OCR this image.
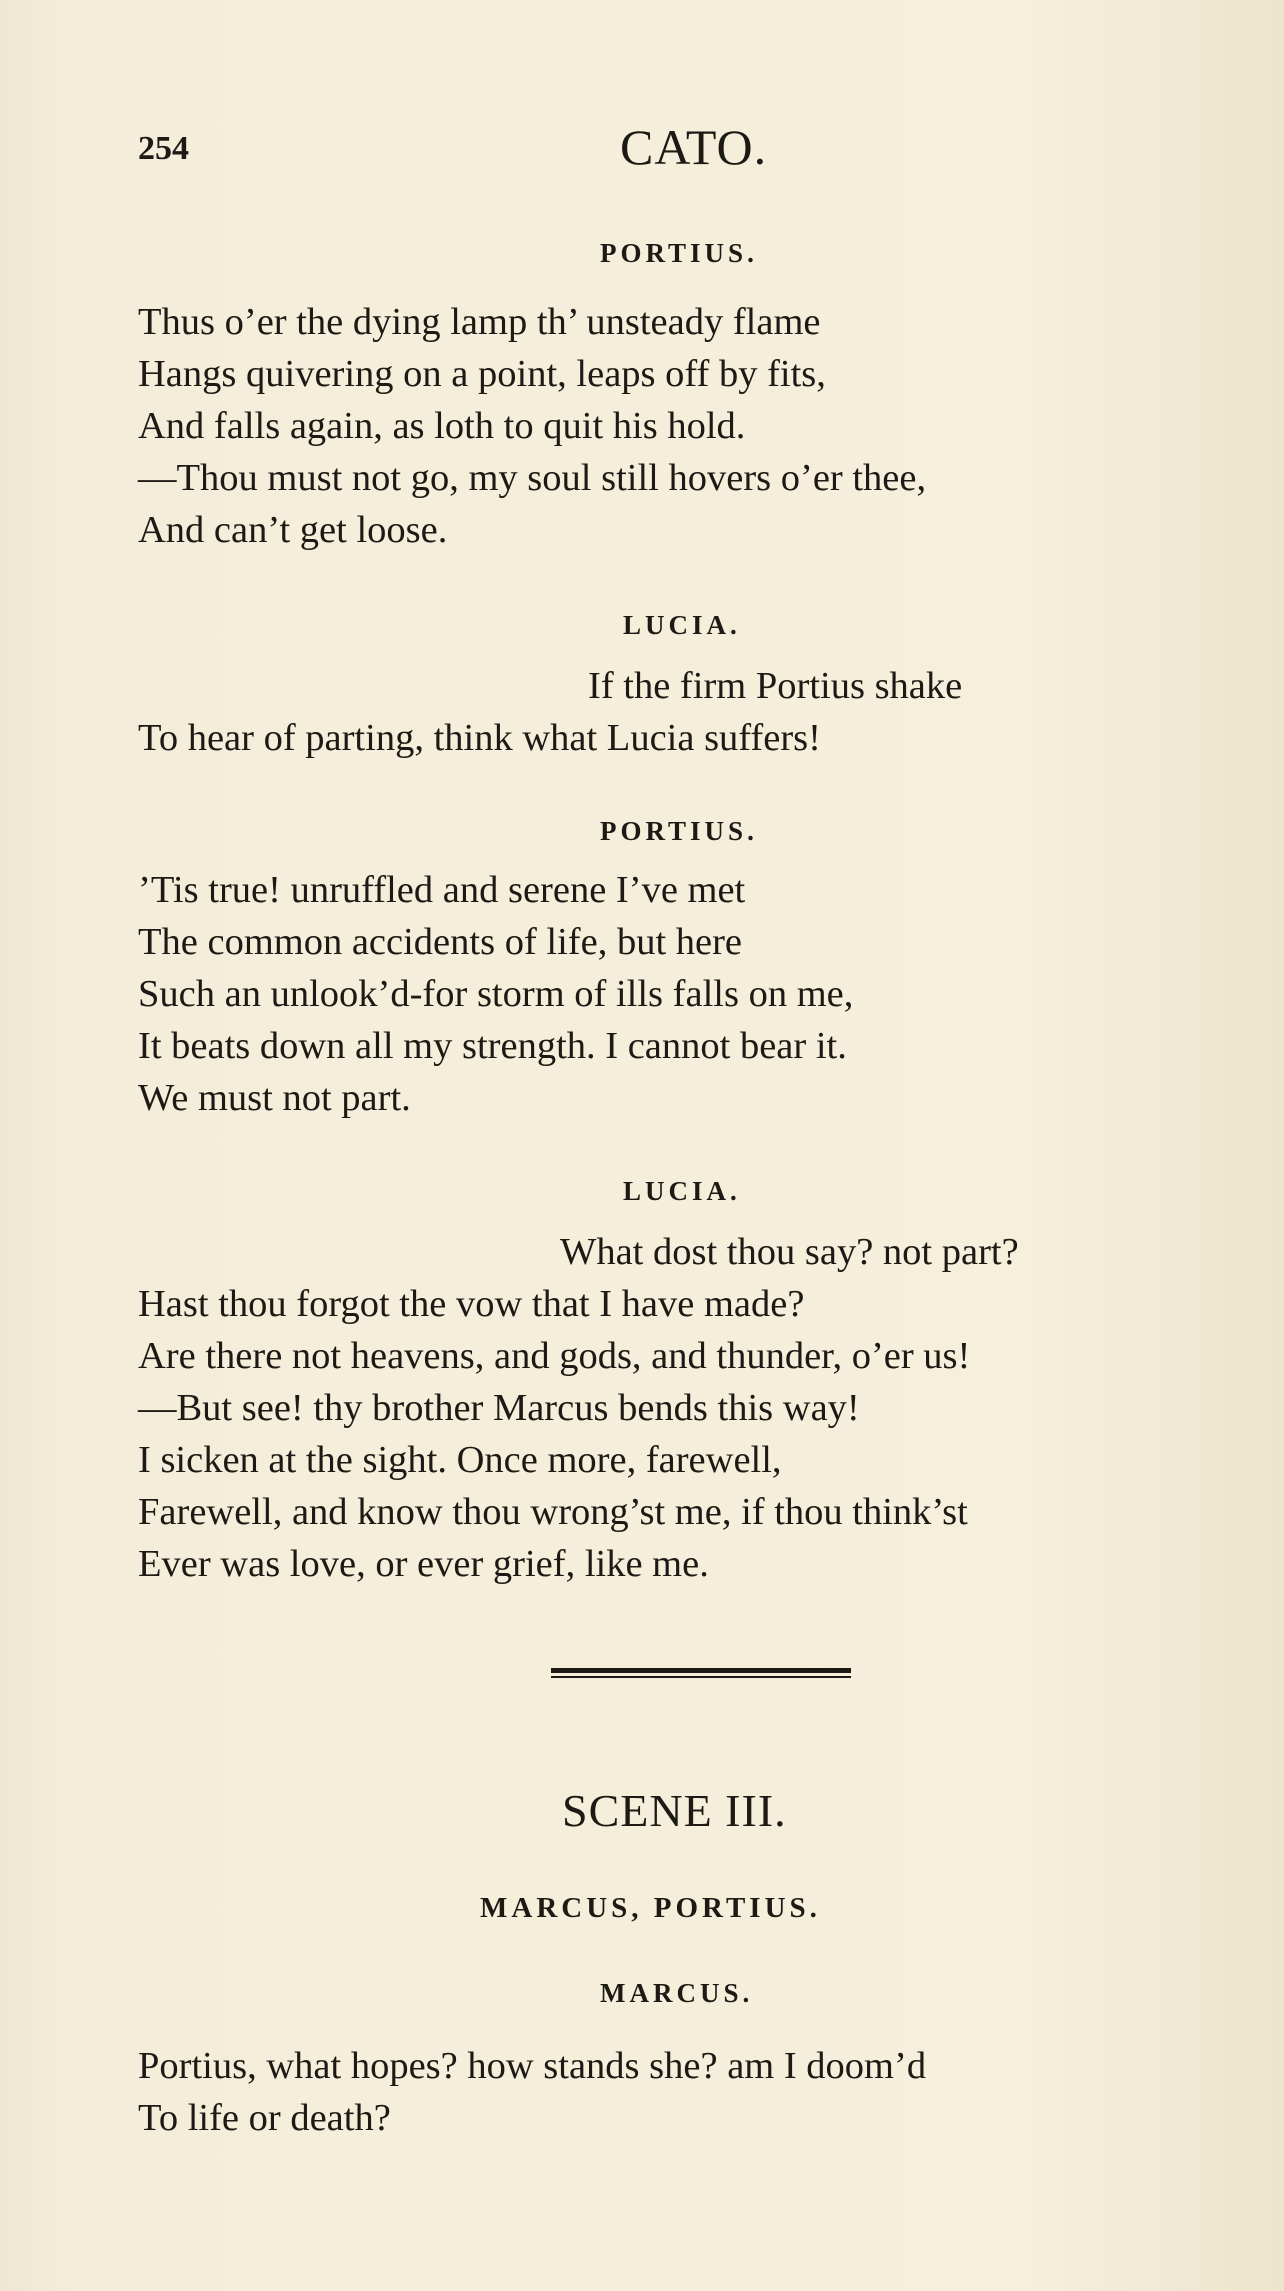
254	CATO.
PORTIUS.
Thus o’er the dying lamp th’ unsteady flame
Hangs quivering on a point, leaps off by fits,
And falls again, as loth to quit his hold.
—Thou must not go, my soul still hovers o’er thee,
And can’t get loose.
LUCIA.
If the firm Portius shake
To hear of parting, think what Lucia suffers!
PORTIUS.
’Tis true! unruffled and serene I’ve met
The common accidents of life, but here
Such an unlook’d-for storm of ills falls on me,
It beats down all my strength. I cannot bear it.
We must not part.
LUCIA.
What dost thou say? not part?
Hast thou forgot the vow that I have made?
Are there not heavens, and gods, and thunder, o’er us!
—But see! thy brother Marcus bends this way!
I sicken at the sight. Once more, farewell,
Farewell, and know thou wrong’st me, if thou think’st
Ever was love, or ever grief, like me.
SCENE III.
MARCUS, PORTIUS.
MARCUS.
Portius, what hopes? how stands she? am I doom’d
To life or death?
